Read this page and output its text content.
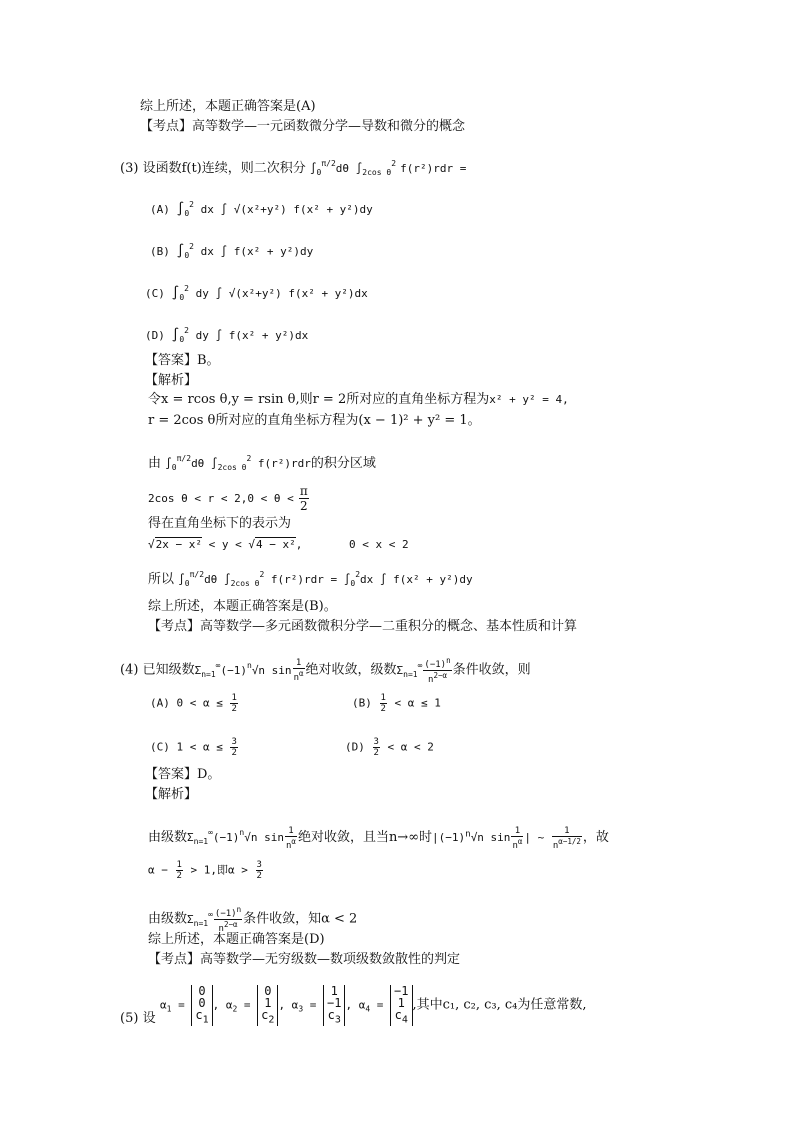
综上所述，本题正确答案是(A)
【考点】高等数学—一元函数微分学—导数和微分的概念
(3) 设函数f(t)连续，则二次积分 $\int_0^{\pi/2}d\theta$ $\int_{2cos \theta}^2$ f(r²)rdr =
(A) $\int_0^2$ dx ∫ √(x²+y²) f(x² + y²)dy
(B) $\int_0^2$ dx ∫ f(x² + y²)dy
(C) $\int_0^2$ dy ∫ √(x²+y²) f(x² + y²)dx
(D) $\int_0^2$ dy ∫ f(x² + y²)dx
【答案】B。
【解析】
令x = rcos θ,y = rsin θ,则r = 2所对应的直角坐标方程为x² + y² = 4,
r = 2cos θ所对应的直角坐标方程为(x − 1)² + y² = 1。
由 $\int_0^{\pi/2}d\theta$ $\int_{2cos \theta}^2$ f(r²)rdr的积分区域
2cos $\theta < r < 2,0 < \theta < \frac{\pi}{2}$
得在直角坐标下的表示为
√2x − x² < y < √4 − x²,	0 < x < 2
所以 $\int_0^{\pi/2}d\theta$ $\int_{2cos \theta}^2$ $f(r^2)rdr = \int_0^2dx$ ∫ f(x² + y²)dy
综上所述，本题正确答案是(B)。
【考点】高等数学—多元函数微积分学—二重积分的概念、基本性质和计算
(4) 已知级数$\Sigma_{n=1}^\infty(-1)^n√n$ $\sin \frac{1}{n^\alpha}$ 绝对收敛，级数$\Sigma_{n=1}^\infty \frac{(-1)^n}{n^{2-\alpha}}$ 条件收敛，则
(A) $0 < \alpha \le \frac{1}{2}$	$(B) \frac{1}{2} < \alpha \le 1$
(C) $1 < \alpha \le \frac{3}{2}$	$(D) \frac{3}{2} < \alpha < 2$
【答案】D。
【解析】
由级数$\Sigma_{n=1}^\infty(-1)^n√n$ $\sin \frac{1}{n^\alpha}$ 绝对收敛，且当n→∞时$|(-1)^n√n$ $\sin \frac{1}{n^\alpha}$ | ~ $\frac{1}{n^{\alpha-1/2}}$ ，故
$\alpha - \frac{1}{2} > 1$,即$\alpha > \frac{3}{2}$
由级数$\Sigma_{n=1}^\infty \frac{(-1)^n}{n^{2-\alpha}}$ 条件收敛，知α < 2
综上所述，本题正确答案是(D)
【考点】高等数学—无穷级数—数项级数敛散性的判定
(5) 设
$\alpha_1$ =
0
0
$c_1$
, $\alpha_2$ =
0
1
$c_2$
, $\alpha_3$ =
1
−1
$c_3$
, $\alpha_4$ =
−1
1
$c_4$
,其中c₁, c₂, c₃, c₄为任意常数,
